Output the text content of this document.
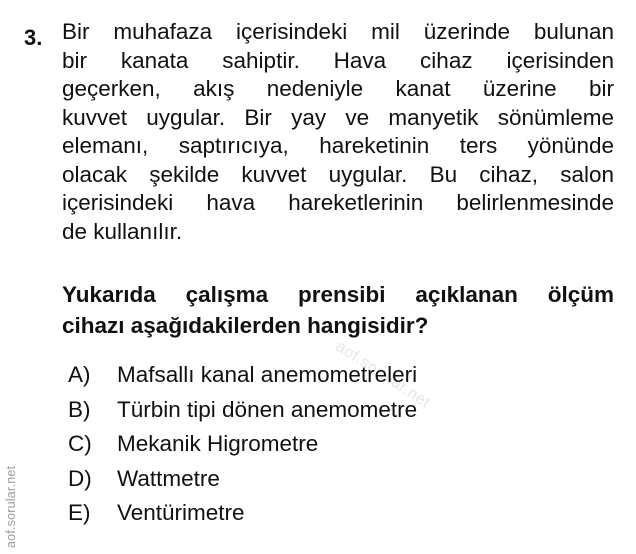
3. Bir muhafaza içerisindeki mil üzerinde bulunan
bir kanata sahiptir. Hava cihaz içerisinden
geçerken, akış nedeniyle kanat üzerine bir
kuvvet uygular. Bir yay ve manyetik sönümleme
elemanı, saptırıcıya, hareketinin ters yönünde
olacak şekilde kuvvet uygular. Bu cihaz, salon
içerisindeki hava hareketlerinin belirlenmesinde
de kullanılır.
Yukarıda çalışma prensibi açıklanan ölçüm
cihazı aşağıdakilerden hangisidir?
aof.sorular.net
A) Mafsallı kanal anemometreleri
B) Türbin tipi dönen anemometre
C) Mekanik Higrometre
D) Wattmetre
E) Ventürimetre
aof.sorular.net
